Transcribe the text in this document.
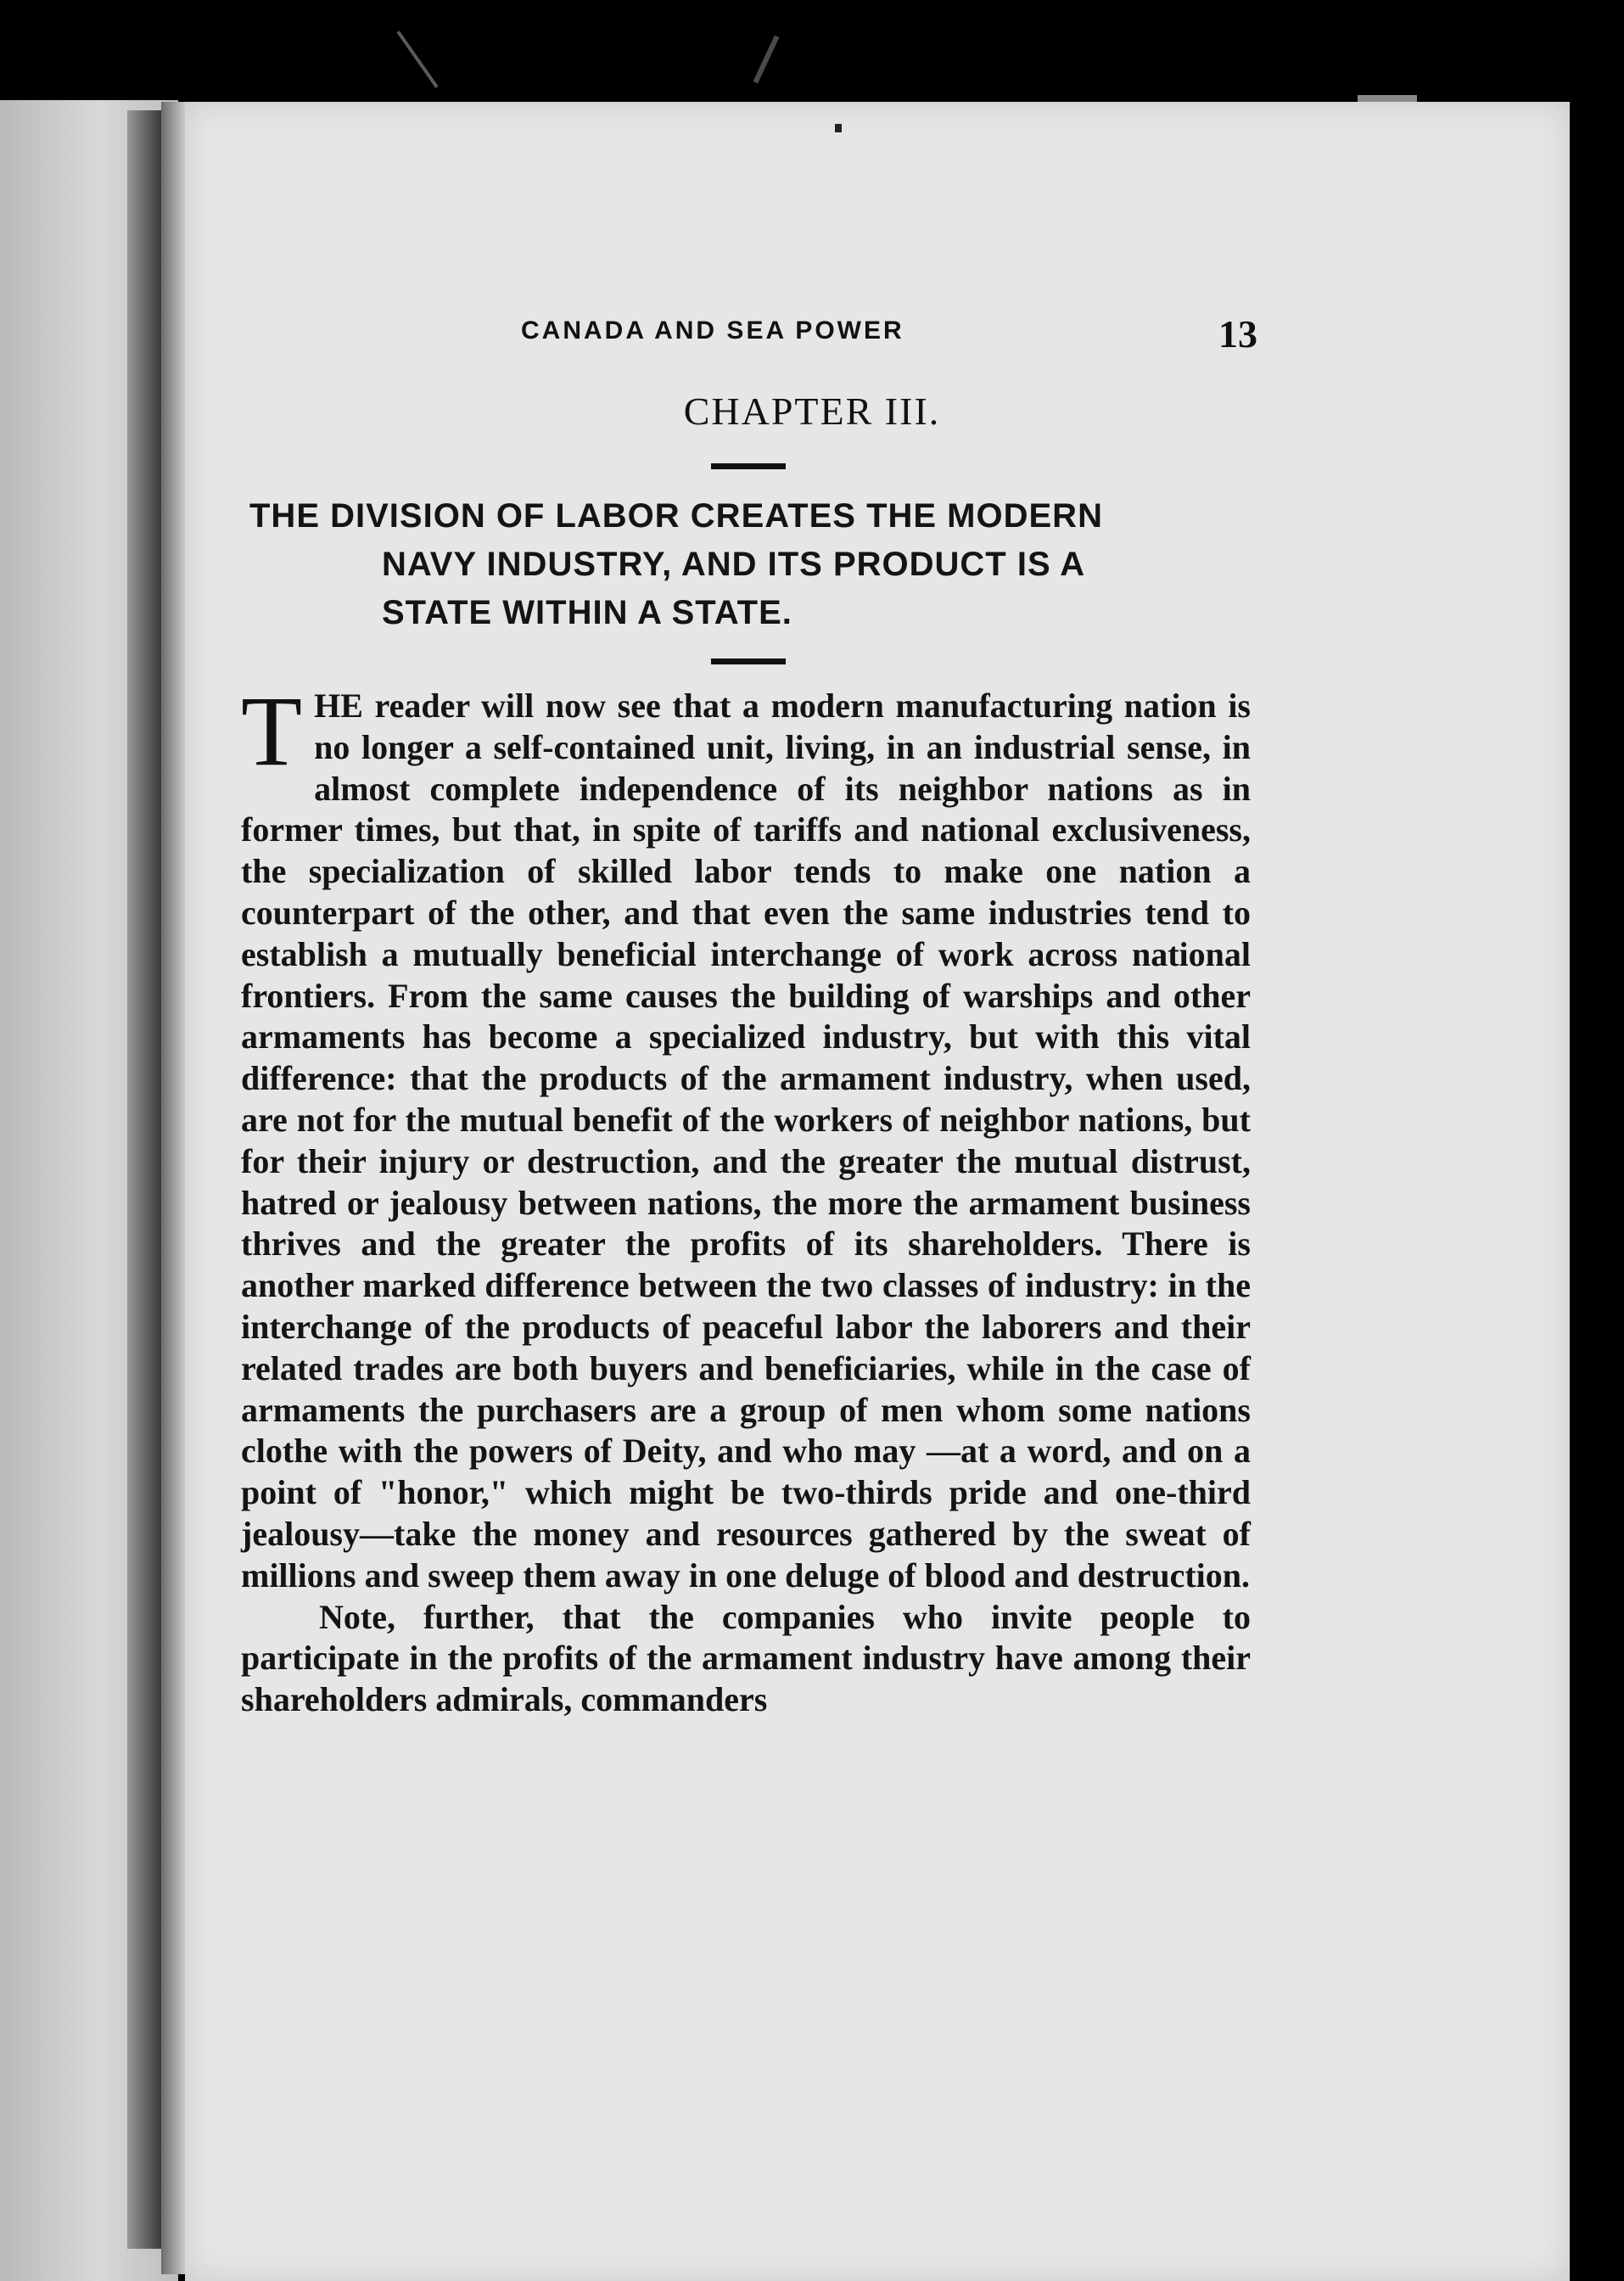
CANADA AND SEA POWER	13
CHAPTER III.
THE DIVISION OF LABOR CREATES THE MODERN
NAVY INDUSTRY, AND ITS PRODUCT IS A
STATE WITHIN A STATE.

THE reader will now see that a modern manufacturing nation is no longer a self-contained unit, living, in an industrial sense, in almost complete independence of its neighbor nations as in former times, but that, in spite of tariffs and national exclusiveness, the specialization of skilled labor tends to make one nation a counterpart of the other, and that even the same industries tend to establish a mutually beneficial interchange of work across national frontiers. From the same causes the building of warships and other armaments has become a specialized industry, but with this vital difference: that the products of the armament industry, when used, are not for the mutual benefit of the workers of neighbor nations, but for their injury or destruction, and the greater the mutual distrust, hatred or jealousy between nations, the more the armament business thrives and the greater the profits of its shareholders. There is another marked difference between the two classes of industry: in the interchange of the products of peaceful labor the laborers and their related trades are both buyers and beneficiaries, while in the case of armaments the purchasers are a group of men whom some nations clothe with the powers of Deity, and who may —at a word, and on a point of "honor," which might be two-thirds pride and one-third jealousy—take the money and resources gathered by the sweat of millions and sweep them away in one deluge of blood and destruction.

Note, further, that the companies who invite people to participate in the profits of the armament industry have among their shareholders admirals, commanders
